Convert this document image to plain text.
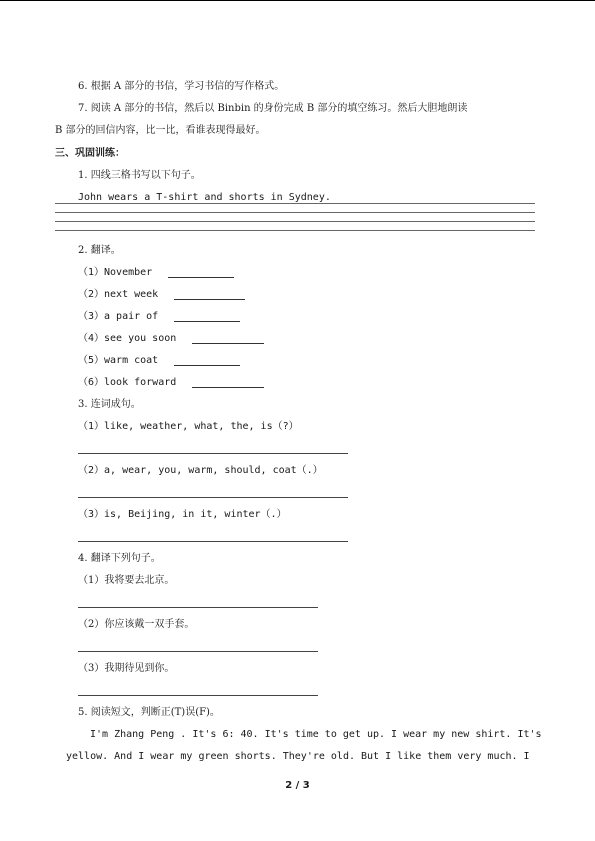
6. 根据 A 部分的书信，学习书信的写作格式。
7. 阅读 A 部分的书信，然后以 Binbin 的身份完成 B 部分的填空练习。然后大胆地朗读
B 部分的回信内容，比一比，看谁表现得最好。
三、巩固训练：
1. 四线三格书写以下句子。
John wears a T-shirt and shorts in Sydney.
2. 翻译。
（1）November
（2）next week
（3）a pair of
（4）see you soon
（5）warm coat
（6）look forward
3. 连词成句。
（1）like, weather, what, the, is（?）
（2）a, wear, you, warm, should, coat（.）
（3）is, Beijing, in it, winter（.）
4. 翻译下列句子。
（1）我将要去北京。
（2）你应该戴一双手套。
（3）我期待见到你。
5. 阅读短文，判断正(T)误(F)。
I'm Zhang Peng . It's 6: 40. It's time to get up. I wear my new shirt. It's
yellow. And I wear my green shorts. They're old. But I like them very much. I
2 / 3
